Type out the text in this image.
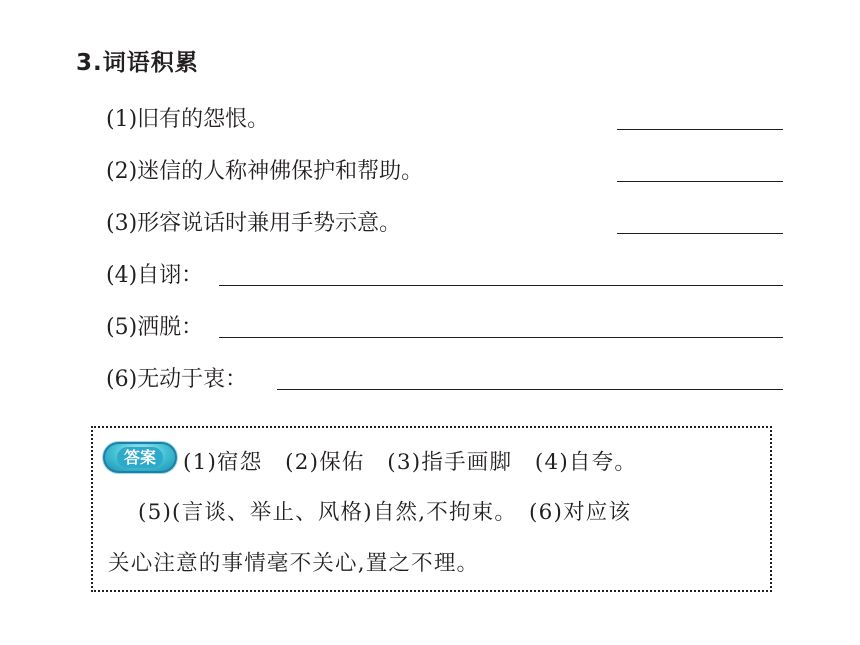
3.词语积累
(1)旧有的怨恨。
(2)迷信的人称神佛保护和帮助。
(3)形容说话时兼用手势示意。
(4)自诩：
(5)洒脱：
(6)无动于衷：
答案	(1)宿怨　(2)保佑　(3)指手画脚　(4)自夸。
(5)(言谈、举止、风格)自然,不拘束。　(6)对应该
关心注意的事情毫不关心,置之不理。
